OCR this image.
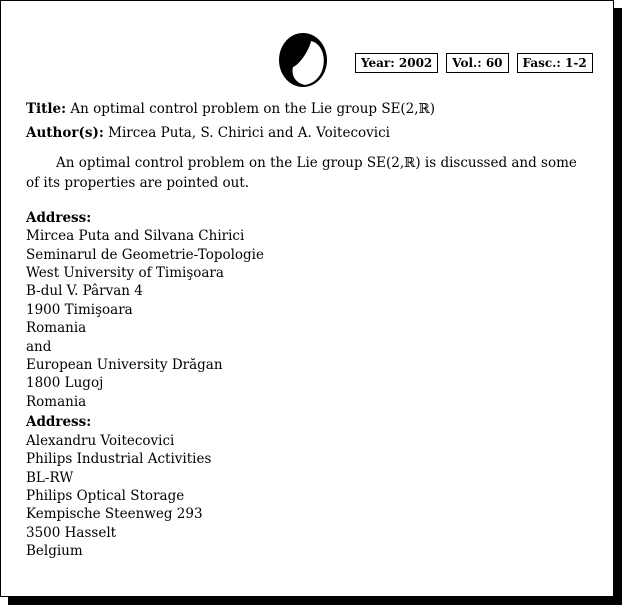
Year: 2002	Vol.: 60	Fasc.: 1-2
Title: An optimal control problem on the Lie group SE(2,ℝ)
Author(s): Mircea Puta, S. Chirici and A. Voitecovici
An optimal control problem on the Lie group SE(2,ℝ) is discussed and some of its properties are pointed out.
Address:
Mircea Puta and Silvana Chirici
Seminarul de Geometrie-Topologie
West University of Timişoara
B-dul V. Pârvan 4
1900 Timişoara
Romania
and
European University Drăgan
1800 Lugoj
Romania
Address:
Alexandru Voitecovici
Philips Industrial Activities
BL-RW
Philips Optical Storage
Kempische Steenweg 293
3500 Hasselt
Belgium
